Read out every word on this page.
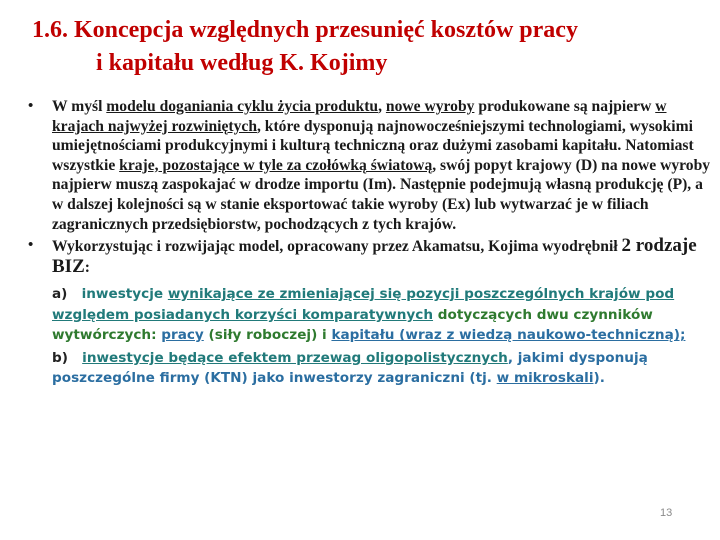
1.6. Koncepcja względnych przesunięć kosztów pracy
i kapitału według K. Kojimy

• W myśl modelu doganiania cyklu życia produktu, nowe wyroby produkowane są najpierw w krajach najwyżej rozwiniętych, które dysponują najnowocześniejszymi technologiami, wysokimi umiejętnościami produkcyjnymi i kulturą techniczną oraz dużymi zasobami kapitału. Natomiast wszystkie kraje, pozostające w tyle za czołówką światową, swój popyt krajowy (D) na nowe wyroby najpierw muszą zaspokajać w drodze importu (Im). Następnie podejmują własną produkcję (P), a w dalszej kolejności są w stanie eksportować takie wyroby (Ex) lub wytwarzać je w filiach zagranicznych przedsiębiorstw, pochodzących z tych krajów.

• Wykorzystując i rozwijając model, opracowany przez Akamatsu, Kojima wyodrębnił 2 rodzaje BIZ:

a) inwestycje wynikające ze zmieniającej się pozycji poszczególnych krajów pod względem posiadanych korzyści komparatywnych dotyczących dwu czynników wytwórczych: pracy (siły roboczej) i kapitału (wraz z wiedzą naukowo-techniczną);

b) inwestycje będące efektem przewag oligopolistycznych, jakimi dysponują poszczególne firmy (KTN) jako inwestorzy zagraniczni (tj. w mikroskali).

13
